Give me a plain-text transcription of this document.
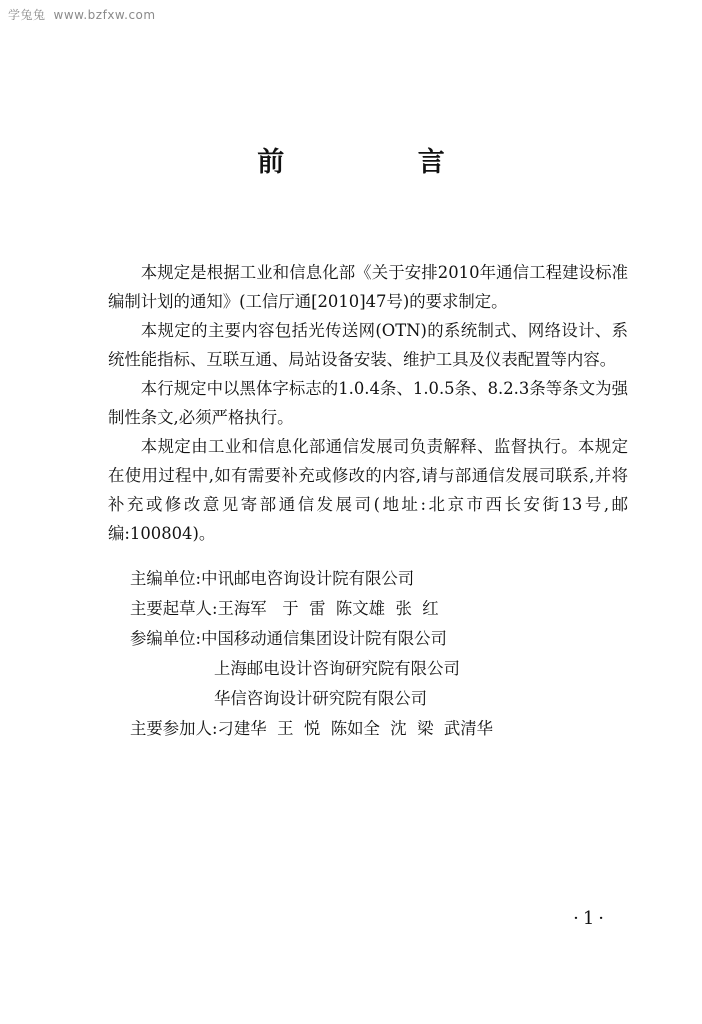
学兔兔 www.bzfxw.com
前 言

本规定是根据工业和信息化部《关于安排2010年通信工程建设标准编制计划的通知》(工信厅通[2010]47号)的要求制定。

本规定的主要内容包括光传送网(OTN)的系统制式、网络设计、系统性能指标、互联互通、局站设备安装、维护工具及仪表配置等内容。

本行规定中以黑体字标志的1.0.4条、1.0.5条、8.2.3条等条文为强制性条文,必须严格执行。

本规定由工业和信息化部通信发展司负责解释、监督执行。本规定在使用过程中,如有需要补充或修改的内容,请与部通信发展司联系,并将补充或修改意见寄部通信发展司(地址:北京市西长安街13号,邮编:100804)。

主编单位:中讯邮电咨询设计院有限公司
主要起草人:王海军   于  雷  陈文雄  张  红
参编单位:中国移动通信集团设计院有限公司
上海邮电设计咨询研究院有限公司
华信咨询设计研究院有限公司
主要参加人:刁建华  王  悦  陈如全  沈  梁  武清华
·1·
